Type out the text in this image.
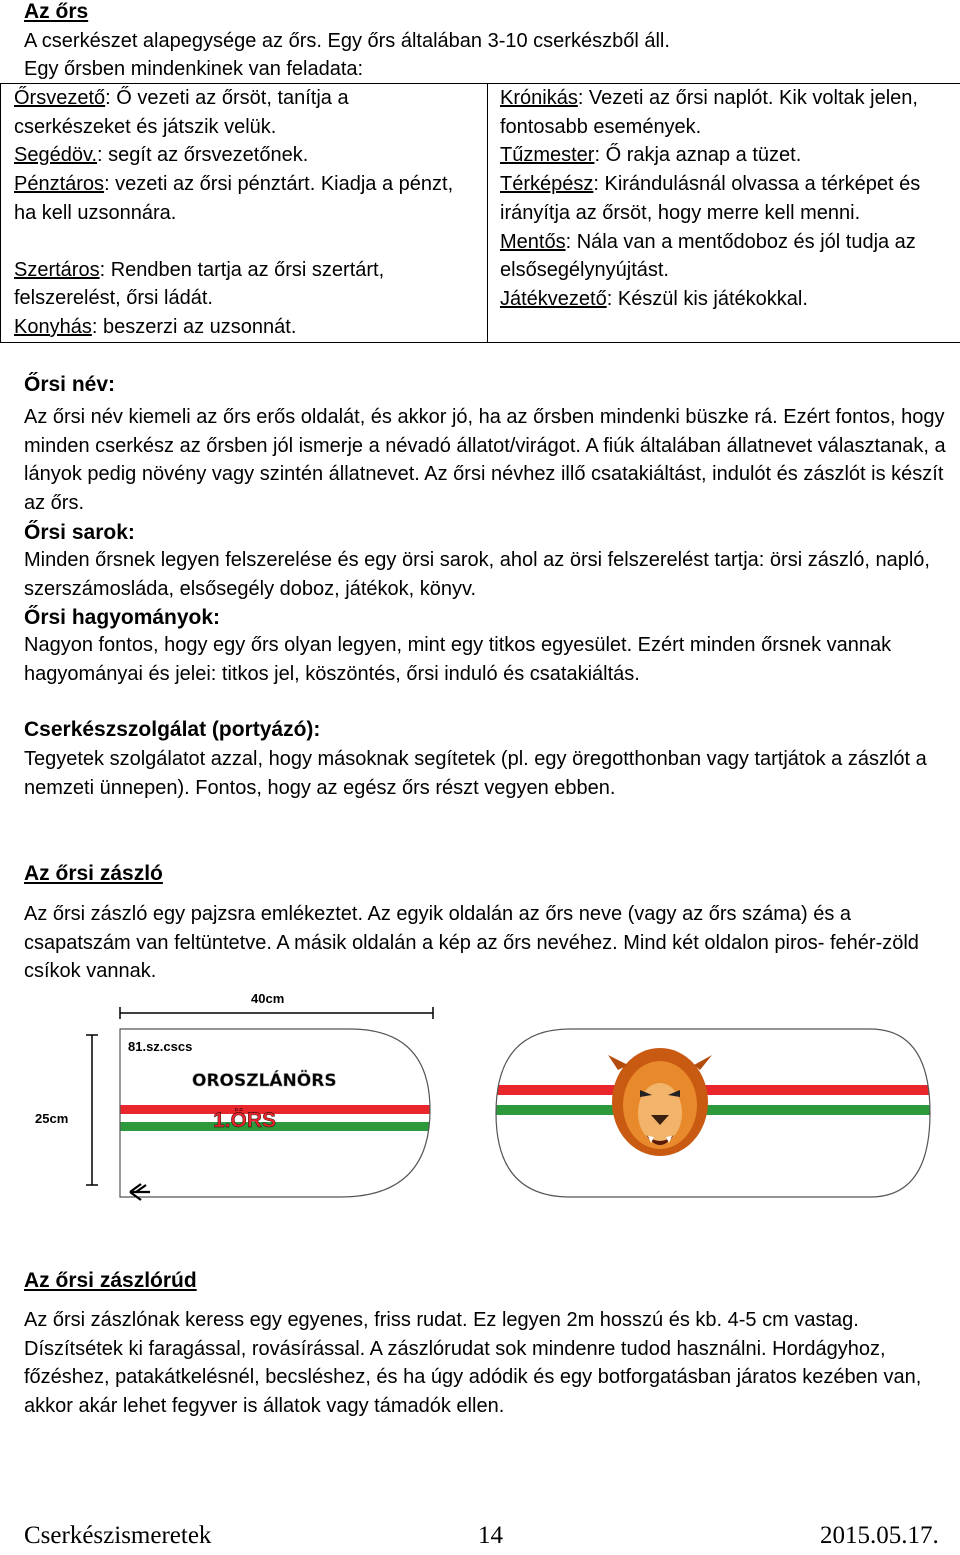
Az őrs
A cserkészet alapegysége az őrs. Egy őrs általában 3-10 cserkészből áll.
Egy őrsben mindenkinek van feladata:
Őrsvezető: Ő vezeti az őrsöt, tanítja a cserkészeket és játszik velük.
Segédöv.: segít az őrsvezetőnek.
Pénztáros: vezeti az őrsi pénztárt. Kiadja a pénzt, ha kell uzsonnára.
Szertáros: Rendben tartja az őrsi szertárt, felszerelést, őrsi ládát.
Konyhás: beszerzi az uzsonnát.

Krónikás: Vezeti az őrsi naplót. Kik voltak jelen, fontosabb események.
Tűzmester: Ő rakja aznap a tüzet.
Térképész: Kirándulásnál olvassa a térképet és irányítja az őrsöt, hogy merre kell menni.
Mentős: Nála van a mentődoboz és jól tudja az elsősegélynyújtást.
Játékvezető: Készül kis játékokkal.
Őrsi név:
Az őrsi név kiemeli az őrs erős oldalát, és akkor jó, ha az őrsben mindenki büszke rá. Ezért fontos, hogy minden cserkész az őrsben jól ismerje a névadó állatot/virágot. A fiúk általában állatnevet választanak, a lányok pedig növény vagy szintén állatnevet. Az őrsi névhez illő csatakiáltást, indulót és zászlót is készít az őrs.
Őrsi sarok:
Minden őrsnek legyen felszerelése és egy örsi sarok, ahol az örsi felszerelést tartja: örsi zászló, napló, szerszámosláda, elsősegély doboz, játékok, könyv.
Őrsi hagyományok:
Nagyon fontos, hogy egy őrs olyan legyen, mint egy titkos egyesület. Ezért minden őrsnek vannak hagyományai és jelei: titkos jel, köszöntés, őrsi induló és csatakiáltás.
Cserkészszolgálat (portyázó):
Tegyetek szolgálatot azzal, hogy másoknak segítetek (pl. egy öregotthonban vagy tartjátok a zászlót a nemzeti ünnepen). Fontos, hogy az egész őrs részt vegyen ebben.
Az őrsi zászló
Az őrsi zászló egy pajzsra emlékeztet. Az egyik oldalán az őrs neve (vagy az őrs száma) és a csapatszám van feltüntetve. A másik oldalán a kép az őrs nevéhez. Mind két oldalon piros- fehér-zöld csíkok vannak.
40cm
25cm
81.sz.cscs
OROSZLÁNÖRS
1.ÖRS
Az őrsi zászlórúd
Az őrsi zászlónak keress egy egyenes, friss rudat. Ez legyen 2m hosszú és kb. 4-5 cm vastag. Díszítsétek ki faragással, rovásírással. A zászlórudat sok mindenre tudod használni. Hordágyhoz, főzéshez, patakátkelésnél, becsléshez, és ha úgy adódik és egy botforgatásban járatos kezében van, akkor akár lehet fegyver is állatok vagy támadók ellen.
Cserkészismeretek	14	2015.05.17.
